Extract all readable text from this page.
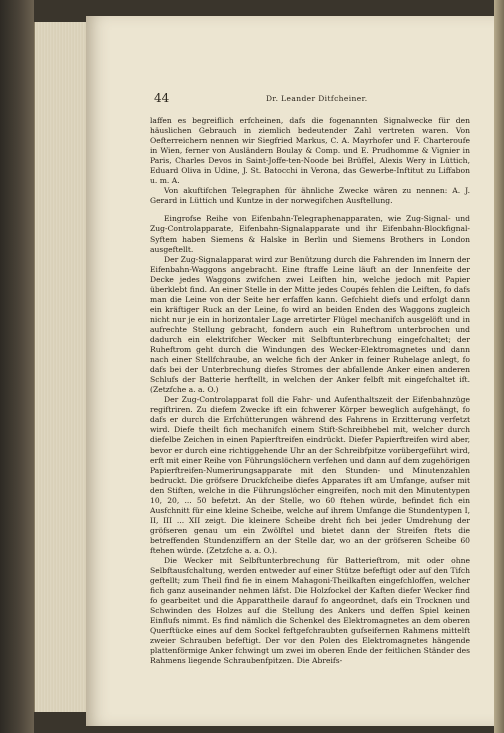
44	Dr. Leander Ditfcheiner.

laffen es begreiflich erfcheinen, dafs die fogenannten Signalwecke für den häuslichen Gebrauch in ziemlich bedeutender Zahl vertreten waren. Von Oefterreichern nennen wir Siegfried Markus, C. A. Mayrhofer und F. Charteroufe in Wien, ferner von Ausländern Boulay & Comp. und E. Prudhomme & Vignier in Paris, Charles Devos in Saint-Joffe-ten-Noode bei Brüffel, Alexis Wery in Lüttich, Eduard Oliva in Udine, J. St. Batocchi in Verona, das Gewerbe-Inftitut zu Liffabon u. m. A.

Von akuftifchen Telegraphen für ähnliche Zwecke wären zu nennen: A. J. Gerard in Lüttich und Kuntze in der norwegifchen Ausftellung.

Eingrofse Reihe von Eifenbahn-Telegraphenapparaten, wie Zug-Signal- und Zug-Controlapparate, Eifenbahn-Signalapparate und ihr Eifenbahn-Blockfignal-Syftem haben Siemens & Halske in Berlin und Siemens Brothers in London ausgeftellt.

Der Zug-Signalapparat wird zur Benützung durch die Fahrenden im Innern der Eifenbahn-Waggons angebracht. Eine ftraffe Leine läuft an der Innenfeite der Decke jedes Waggons zwifchen zwei Leiften hin, welche jedoch mit Papier überklebt find. An einer Stelle in der Mitte jedes Coupés fehlen die Leiften, fo dafs man die Leine von der Seite her erfaffen kann. Gefchieht diefs und erfolgt dann ein kräftiger Ruck an der Leine, fo wird an beiden Enden des Waggons zugleich nicht nur je ein in horizontaler Lage arretirter Flügel mechanifch ausgelöft und in aufrechte Stellung gebracht, fondern auch ein Ruheftrom unterbrochen und dadurch ein elektrifcher Wecker mit Selbftunterbrechung eingefchaltet; der Ruheftrom geht durch die Windungen des Wecker-Elektromagnetes und dann nach einer Stellfchraube, an welche fich der Anker in feiner Ruhelage anlegt, fo dafs bei der Unterbrechung diefes Stromes der abfallende Anker einen anderen Schlufs der Batterie herftellt, in welchen der Anker felbft mit eingefchaltet ift. (Zetzfche a. a. O.)

Der Zug-Controlapparat foll die Fahr- und Aufenthaltszeit der Eifenbahnzüge regiftriren. Zu diefem Zwecke ift ein fchwerer Körper beweglich aufgehängt, fo dafs er durch die Erfchütterungen während des Fahrens in Erzitterung verfetzt wird. Diefe theilt fich mechanifch einem Stift-Schreibhebel mit, welcher durch diefelbe Zeichen in einen Papierftreifen eindrückt. Diefer Papierftreifen wird aber, bevor er durch eine richtiggehende Uhr an der Schreibfpitze vorübergeführt wird, erft mit einer Reihe von Führungslöchern verfehen und dann auf dem zugehörigen Papierftreifen-Numerirungsapparate mit den Stunden- und Minutenzahlen bedruckt. Die gröfsere Druckfcheibe diefes Apparates ift am Umfange, aufser mit den Stiften, welche in die Führungslöcher eingreifen, noch mit den Minutentypen 10, 20, ... 50 befetzt. An der Stelle, wo 60 ftehen würde, befindet fich ein Ausfchnitt für eine kleine Scheibe, welche auf ihrem Umfange die Stundentypen I, II, III ... XII zeigt. Die kleinere Scheibe dreht fich bei jeder Umdrehung der gröfseren genau um ein Zwölftel und bietet dann der Streifen ftets die betreffenden Stundenziffern an der Stelle dar, wo an der gröfseren Scheibe 60 ftehen würde. (Zetzfche a. a. O.).

Die Wecker mit Selbftunterbrechung für Batterieftrom, mit oder ohne Selbftausfchaltung, werden entweder auf einer Stütze befeftigt oder auf den Tifch geftellt; zum Theil find fie in einem Mahagoni-Theilkaften eingefchloffen, welcher fich ganz auseinander nehmen läfst. Die Holzfockel der Kaften diefer Wecker find fo gearbeitet und die Apparattheile darauf fo angeordnet, dafs ein Trocknen und Schwinden des Holzes auf die Stellung des Ankers und deffen Spiel keinen Einflufs nimmt. Es find nämlich die Schenkel des Elektromagnetes an dem oberen Querftücke eines auf dem Sockel feftgefchraubten gufseifernen Rahmens mittelft zweier Schrauben befeftigt. Der vor den Polen des Elektromagnetes hängende plattenförmige Anker fchwingt um zwei im oberen Ende der feitlichen Ständer des Rahmens liegende Schraubenfpitzen. Die Abreifs-
